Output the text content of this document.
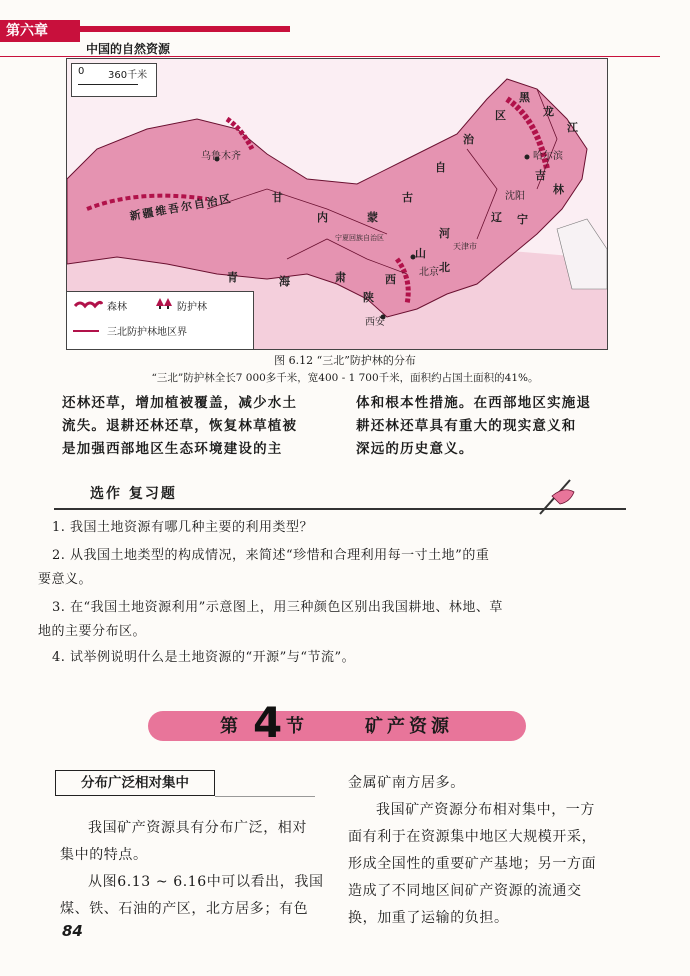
第六章
中国的自然资源
0 360千米
乌鲁木齐
新疆维吾尔自治区	甘
内	蒙
古
自
治
区
青	海	肃
宁夏回族自治区
陕
西
西安
山
河
北
北京
天津市
辽 宁
沈阳
吉
林
哈尔滨
黑
龙
江
森林	防护林
三北防护林地区界
图 6.12 “三北”防护林的分布
“三北”防护林全长7 000多千米，宽400 - 1 700千米，面积约占国土面积的41%。
还林还草，增加植被覆盖，减少水土
流失。退耕还林还草，恢复林草植被
是加强西部地区生态环境建设的主
体和根本性措施。在西部地区实施退
耕还林还草具有重大的现实意义和
深远的历史意义。
选作 复习题
1. 我国土地资源有哪几种主要的利用类型？
2. 从我国土地类型的构成情况，来简述“珍惜和合理利用每一寸土地”的重
要意义。
3. 在“我国土地资源利用”示意图上，用三种颜色区别出我国耕地、林地、草
地的主要分布区。
4. 试举例说明什么是土地资源的“开源”与“节流”。
第 4 节	矿产资源
分布广泛相对集中
我国矿产资源具有分布广泛，相对
集中的特点。
从图6.13 ~ 6.16中可以看出，我国
煤、铁、石油的产区，北方居多；有色
金属矿南方居多。
我国矿产资源分布相对集中，一方
面有利于在资源集中地区大规模开采，
形成全国性的重要矿产基地；另一方面
造成了不同地区间矿产资源的流通交
换，加重了运输的负担。
84
